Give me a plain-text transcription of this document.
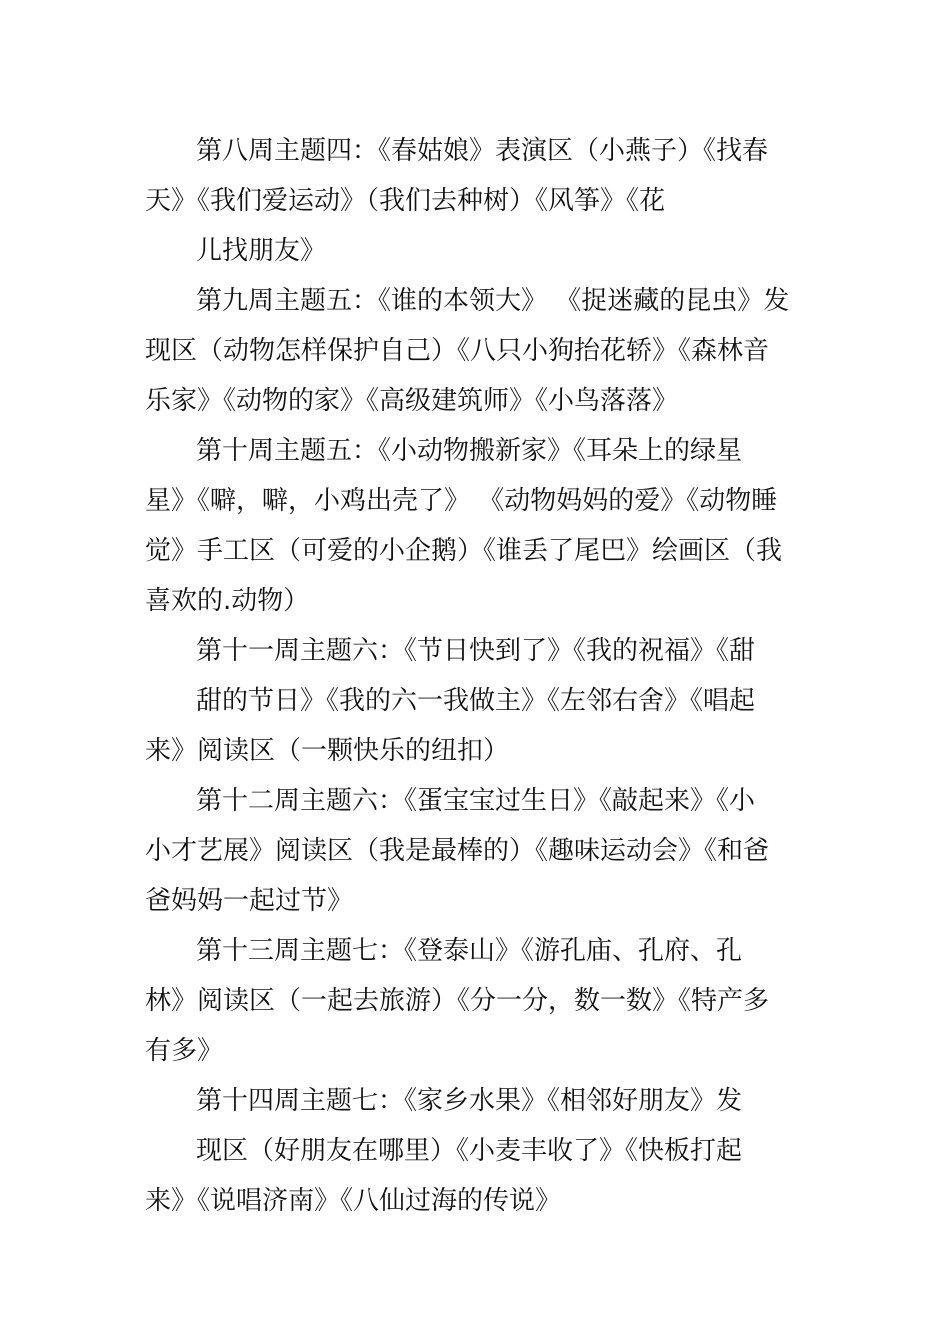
第八周主题四：《春姑娘》表演区（小燕子）《找春
天》《我们爱运动》（我们去种树）《风筝》《花
儿找朋友》
第九周主题五：《谁的本领大》 《捉迷藏的昆虫》发
现区（动物怎样保护自己）《八只小狗抬花轿》《森林音
乐家》《动物的家》《高级建筑师》《小鸟落落》
第十周主题五：《小动物搬新家》《耳朵上的绿星
星》《噼，噼，小鸡出壳了》 《动物妈妈的爱》《动物睡
觉》手工区（可爱的小企鹅）《谁丢了尾巴》绘画区（我
喜欢的.动物）
第十一周主题六：《节日快到了》《我的祝福》《甜
甜的节日》《我的六一我做主》《左邻右舍》《唱起
来》阅读区（一颗快乐的纽扣）
第十二周主题六：《蛋宝宝过生日》《敲起来》《小
小才艺展》阅读区（我是最棒的）《趣味运动会》《和爸
爸妈妈一起过节》
第十三周主题七：《登泰山》《游孔庙、孔府、孔
林》阅读区（一起去旅游）《分一分，数一数》《特产多
有多》
第十四周主题七：《家乡水果》《相邻好朋友》发
现区（好朋友在哪里）《小麦丰收了》《快板打起
来》《说唱济南》《八仙过海的传说》
